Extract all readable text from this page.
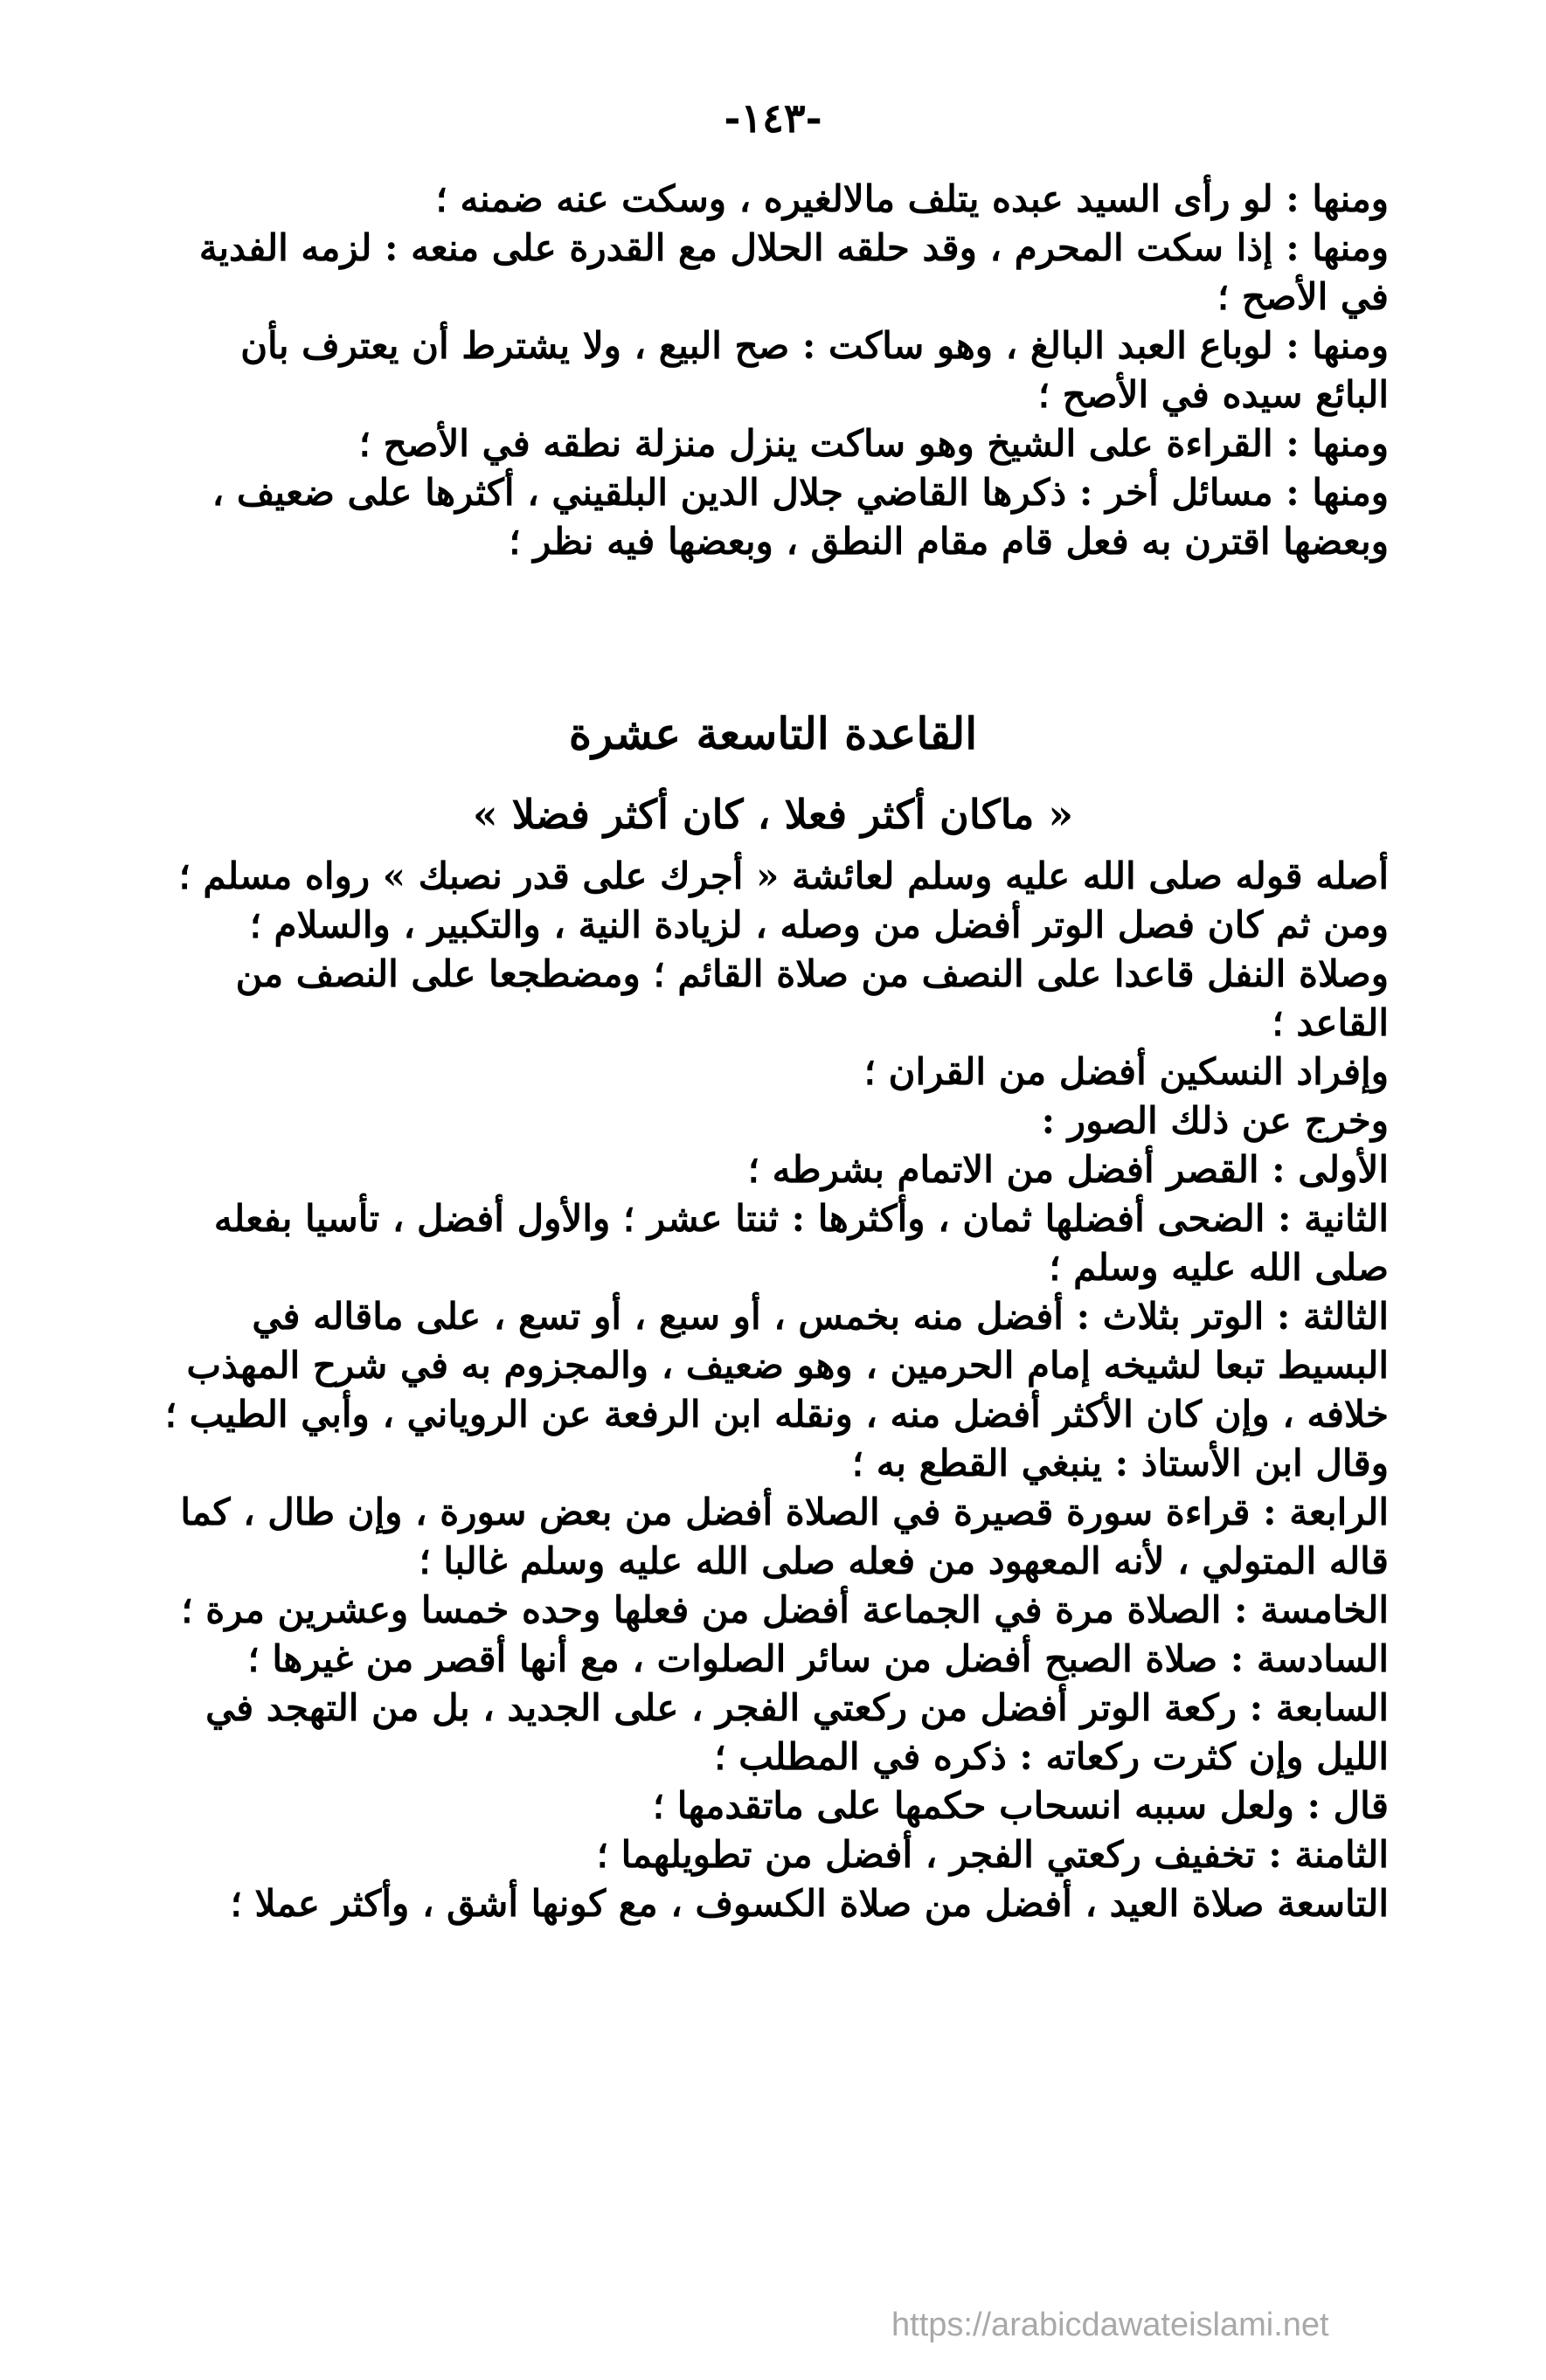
-١٤٣-

ومنها : لو رأى السيد عبده يتلف مالالغيره ، وسكت عنه ضمنه ؛

ومنها : إذا سكت المحرم ، وقد حلقه الحلال مع القدرة على منعه : لزمه الفدية في الأصح ؛

ومنها : لوباع العبد البالغ ، وهو ساكت : صح البيع ، ولا يشترط أن يعترف بأن البائع سيده في الأصح ؛

ومنها : القراءة على الشيخ وهو ساكت ينزل منزلة نطقه في الأصح ؛

ومنها : مسائل أخر : ذكرها القاضي جلال الدين البلقيني ، أكثرها على ضعيف ، وبعضها اقترن به فعل قام مقام النطق ، وبعضها فيه نظر ؛

القاعدة التاسعة عشرة
« ماكان أكثر فعلا ، كان أكثر فضلا »

أصله قوله صلى الله عليه وسلم لعائشة « أجرك على قدر نصبك » رواه مسلم ؛

ومن ثم كان فصل الوتر أفضل من وصله ، لزيادة النية ، والتكبير ، والسلام ؛

وصلاة النفل قاعدا على النصف من صلاة القائم ؛ ومضطجعا على النصف من القاعد ؛

وإفراد النسكين أفضل من القران ؛

وخرج عن ذلك الصور :

الأولى : القصر أفضل من الاتمام بشرطه ؛

الثانية : الضحى أفضلها ثمان ، وأكثرها : ثنتا عشر ؛ والأول أفضل ، تأسيا بفعله صلى الله عليه وسلم ؛

الثالثة : الوتر بثلاث : أفضل منه بخمس ، أو سبع ، أو تسع ، على ماقاله في البسيط تبعا لشيخه إمام الحرمين ، وهو ضعيف ، والمجزوم به في شرح المهذب خلافه ، وإن كان الأكثر أفضل منه ، ونقله ابن الرفعة عن الروياني ، وأبي الطيب ؛

وقال ابن الأستاذ : ينبغي القطع به ؛

الرابعة : قراءة سورة قصيرة في الصلاة أفضل من بعض سورة ، وإن طال ، كما قاله المتولي ، لأنه المعهود من فعله صلى الله عليه وسلم غالبا ؛

الخامسة : الصلاة مرة في الجماعة أفضل من فعلها وحده خمسا وعشرين مرة ؛

السادسة : صلاة الصبح أفضل من سائر الصلوات ، مع أنها أقصر من غيرها ؛

السابعة : ركعة الوتر أفضل من ركعتي الفجر ، على الجديد ، بل من التهجد في الليل وإن كثرت ركعاته : ذكره في المطلب ؛

قال : ولعل سببه انسحاب حكمها على ماتقدمها ؛

الثامنة : تخفيف ركعتي الفجر ، أفضل من تطويلهما ؛

التاسعة صلاة العيد ، أفضل من صلاة الكسوف ، مع كونها أشق ، وأكثر عملا ؛

https://arabicdawateislami.net
